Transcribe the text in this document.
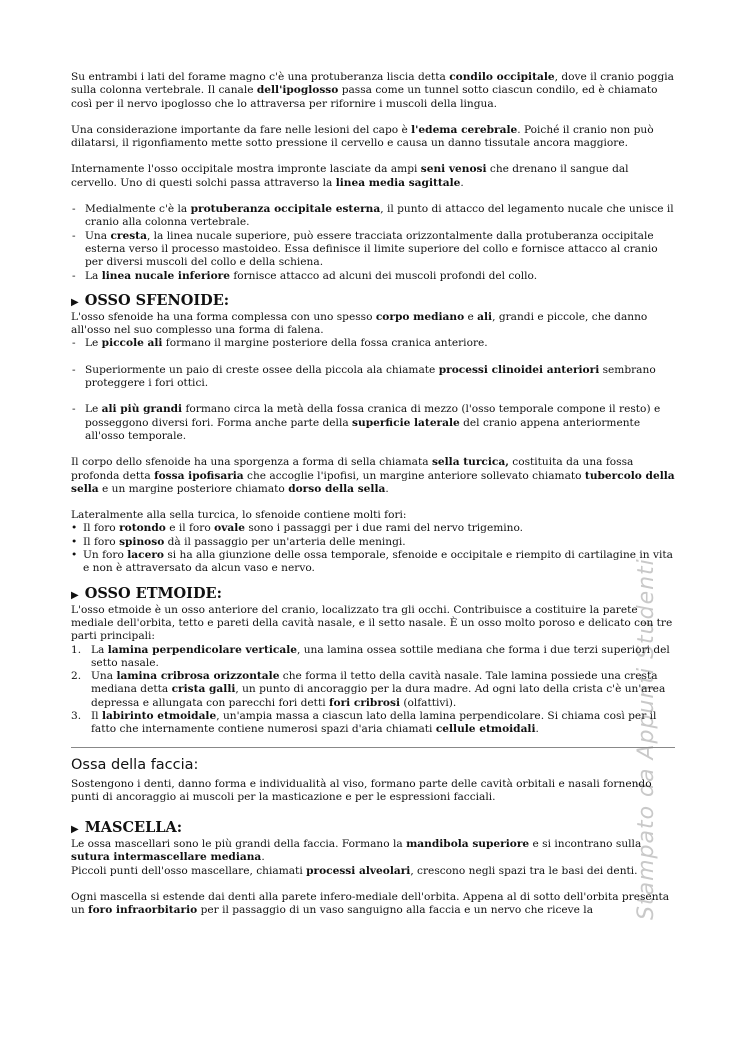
Stampato da Appunti Studenti

Su entrambi i lati del forame magno c'è una protuberanza liscia detta condilo occipitale, dove il cranio poggia sulla colonna vertebrale. Il canale dell'ipoglosso passa come un tunnel sotto ciascun condilo, ed è chiamato così per il nervo ipoglosso che lo attraversa per rifornire i muscoli della lingua.

Una considerazione importante da fare nelle lesioni del capo è l'edema cerebrale. Poiché il cranio non può dilatarsi, il rigonfiamento mette sotto pressione il cervello e causa un danno tissutale ancora maggiore.

Internamente l'osso occipitale mostra impronte lasciate da ampi seni venosi che drenano il sangue dal cervello. Uno di questi solchi passa attraverso la linea media sagittale.

- Medialmente c'è la protuberanza occipitale esterna, il punto di attacco del legamento nucale che unisce il cranio alla colonna vertebrale.
- Una cresta, la linea nucale superiore, può essere tracciata orizzontalmente dalla protuberanza occipitale esterna verso il processo mastoideo. Essa definisce il limite superiore del collo e fornisce attacco al cranio per diversi muscoli del collo e della schiena.
- La linea nucale inferiore fornisce attacco ad alcuni dei muscoli profondi del collo.
▶ OSSO SFENOIDE:

L'osso sfenoide ha una forma complessa con uno spesso corpo mediano e ali, grandi e piccole, che danno all'osso nel suo complesso una forma di falena.

- Le piccole ali formano il margine posteriore della fossa cranica anteriore.
- Superiormente un paio di creste ossee della piccola ala chiamate processi clinoidei anteriori sembrano proteggere i fori ottici.
- Le ali più grandi formano circa la metà della fossa cranica di mezzo (l'osso temporale compone il resto) e posseggono diversi fori. Forma anche parte della superficie laterale del cranio appena anteriormente all'osso temporale.

Il corpo dello sfenoide ha una sporgenza a forma di sella chiamata sella turcica, costituita da una fossa profonda detta fossa ipofisaria che accoglie l'ipofisi, un margine anteriore sollevato chiamato tubercolo della sella e un margine posteriore chiamato dorso della sella.

Lateralmente alla sella turcica, lo sfenoide contiene molti fori:

• Il foro rotondo e il foro ovale sono i passaggi per i due rami del nervo trigemino.
• Il foro spinoso dà il passaggio per un'arteria delle meningi.
• Un foro lacero si ha alla giunzione delle ossa temporale, sfenoide e occipitale e riempito di cartilagine in vita e non è attraversato da alcun vaso e nervo.
▶ OSSO ETMOIDE:

L'osso etmoide è un osso anteriore del cranio, localizzato tra gli occhi. Contribuisce a costituire la parete mediale dell'orbita, tetto e pareti della cavità nasale, e il setto nasale. È un osso molto poroso e delicato con tre parti principali:

1. La lamina perpendicolare verticale, una lamina ossea sottile mediana che forma i due terzi superiori del setto nasale.
2. Una lamina cribrosa orizzontale che forma il tetto della cavità nasale. Tale lamina possiede una cresta mediana detta crista galli, un punto di ancoraggio per la dura madre. Ad ogni lato della crista c'è un'area depressa e allungata con parecchi fori detti fori cribrosi (olfattivi).
3. Il labirinto etmoidale, un'ampia massa a ciascun lato della lamina perpendicolare. Si chiama così per il fatto che internamente contiene numerosi spazi d'aria chiamati cellule etmoidali.
Ossa della faccia:

Sostengono i denti, danno forma e individualità al viso, formano parte delle cavità orbitali e nasali fornendo punti di ancoraggio ai muscoli per la masticazione e per le espressioni facciali.

▶ MASCELLA:

Le ossa mascellari sono le più grandi della faccia. Formano la mandibola superiore e si incontrano sulla sutura intermascellare mediana.

Piccoli punti dell'osso mascellare, chiamati processi alveolari, crescono negli spazi tra le basi dei denti.

Ogni mascella si estende dai denti alla parete infero-mediale dell'orbita. Appena al di sotto dell'orbita presenta un foro infraorbitario per il passaggio di un vaso sanguigno alla faccia e un nervo che riceve la
